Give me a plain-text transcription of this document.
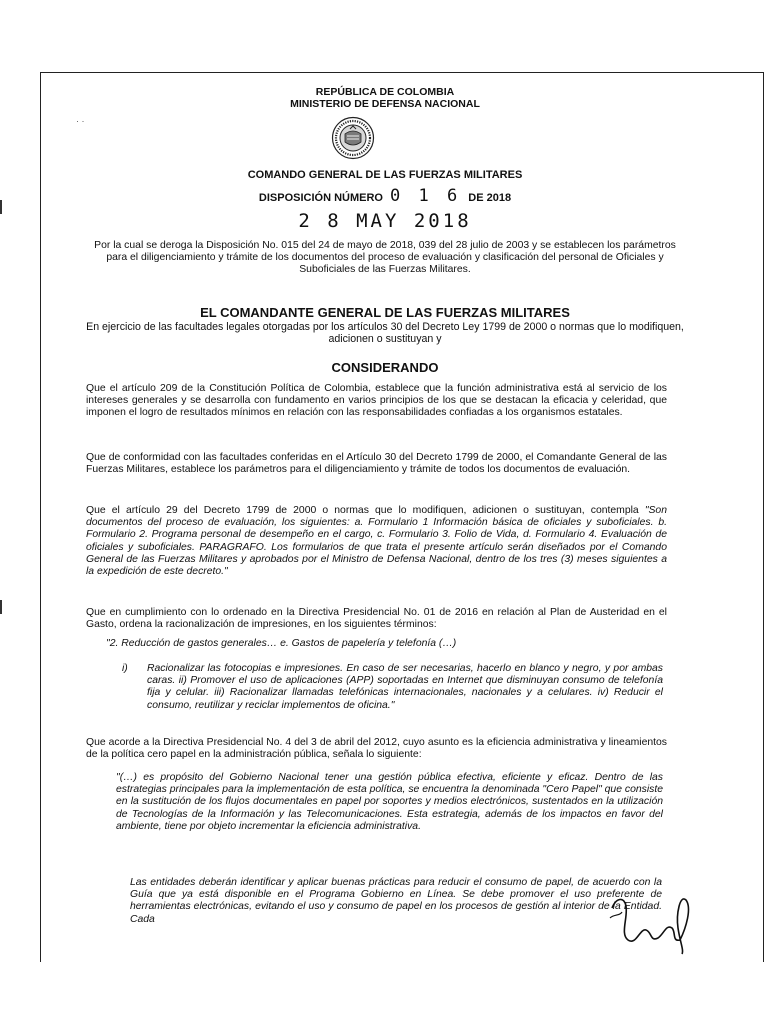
· ·
REPÚBLICA DE COLOMBIA
MINISTERIO DE DEFENSA NACIONAL
COMANDO GENERAL DE LAS FUERZAS MILITARES
DISPOSICIÓN NÚMERO 0 1 6 DE 2018
2 8 MAY 2018
Por la cual se deroga la Disposición No. 015 del 24 de mayo de 2018, 039 del 28 julio de 2003 y se establecen los parámetros para el diligenciamiento y trámite de los documentos del proceso de evaluación y clasificación del personal de Oficiales y Suboficiales de las Fuerzas Militares.
EL COMANDANTE GENERAL DE LAS FUERZAS MILITARES
En ejercicio de las facultades legales otorgadas por los artículos 30 del Decreto Ley 1799 de 2000 o normas que lo modifiquen, adicionen o sustituyan y
CONSIDERANDO
Que el artículo 209 de la Constitución Política de Colombia, establece que la función administrativa está al servicio de los intereses generales y se desarrolla con fundamento en varios principios de los que se destacan la eficacia y celeridad, que imponen el logro de resultados mínimos en relación con las responsabilidades confiadas a los organismos estatales.
Que de conformidad con las facultades conferidas en el Artículo 30 del Decreto 1799 de 2000, el Comandante General de las Fuerzas Militares, establece los parámetros para el diligenciamiento y trámite de todos los documentos de evaluación.
Que el artículo 29 del Decreto 1799 de 2000 o normas que lo modifiquen, adicionen o sustituyan, contempla "Son documentos del proceso de evaluación, los siguientes: a. Formulario 1 Información básica de oficiales y suboficiales. b. Formulario 2. Programa personal de desempeño en el cargo, c. Formulario 3. Folio de Vida, d. Formulario 4. Evaluación de oficiales y suboficiales. PARAGRAFO. Los formularios de que trata el presente artículo serán diseñados por el Comando General de las Fuerzas Militares y aprobados por el Ministro de Defensa Nacional, dentro de los tres (3) meses siguientes a la expedición de este decreto."
Que en cumplimiento con lo ordenado en la Directiva Presidencial No. 01 de 2016 en relación al Plan de Austeridad en el Gasto, ordena la racionalización de impresiones, en los siguientes términos:
"2. Reducción de gastos generales… e. Gastos de papelería y telefonía (…)
i)	Racionalizar las fotocopias e impresiones. En caso de ser necesarias, hacerlo en blanco y negro, y por ambas caras. ii) Promover el uso de aplicaciones (APP) soportadas en Internet que disminuyan consumo de telefonía fija y celular. iii) Racionalizar llamadas telefónicas internacionales, nacionales y a celulares. iv) Reducir el consumo, reutilizar y reciclar implementos de oficina."
Que acorde a la Directiva Presidencial No. 4 del 3 de abril del 2012, cuyo asunto es la eficiencia administrativa y lineamientos de la política cero papel en la administración pública, señala lo siguiente:
"(…) es propósito del Gobierno Nacional tener una gestión pública efectiva, eficiente y eficaz. Dentro de las estrategias principales para la implementación de esta política, se encuentra la denominada "Cero Papel" que consiste en la sustitución de los flujos documentales en papel por soportes y medios electrónicos, sustentados en la utilización de Tecnologías de la Información y las Telecomunicaciones. Esta estrategia, además de los impactos en favor del ambiente, tiene por objeto incrementar la eficiencia administrativa.
Las entidades deberán identificar y aplicar buenas prácticas para reducir el consumo de papel, de acuerdo con la Guía que ya está disponible en el Programa Gobierno en Línea. Se debe promover el uso preferente de herramientas electrónicas, evitando el uso y consumo de papel en los procesos de gestión al interior de la Entidad. Cada
